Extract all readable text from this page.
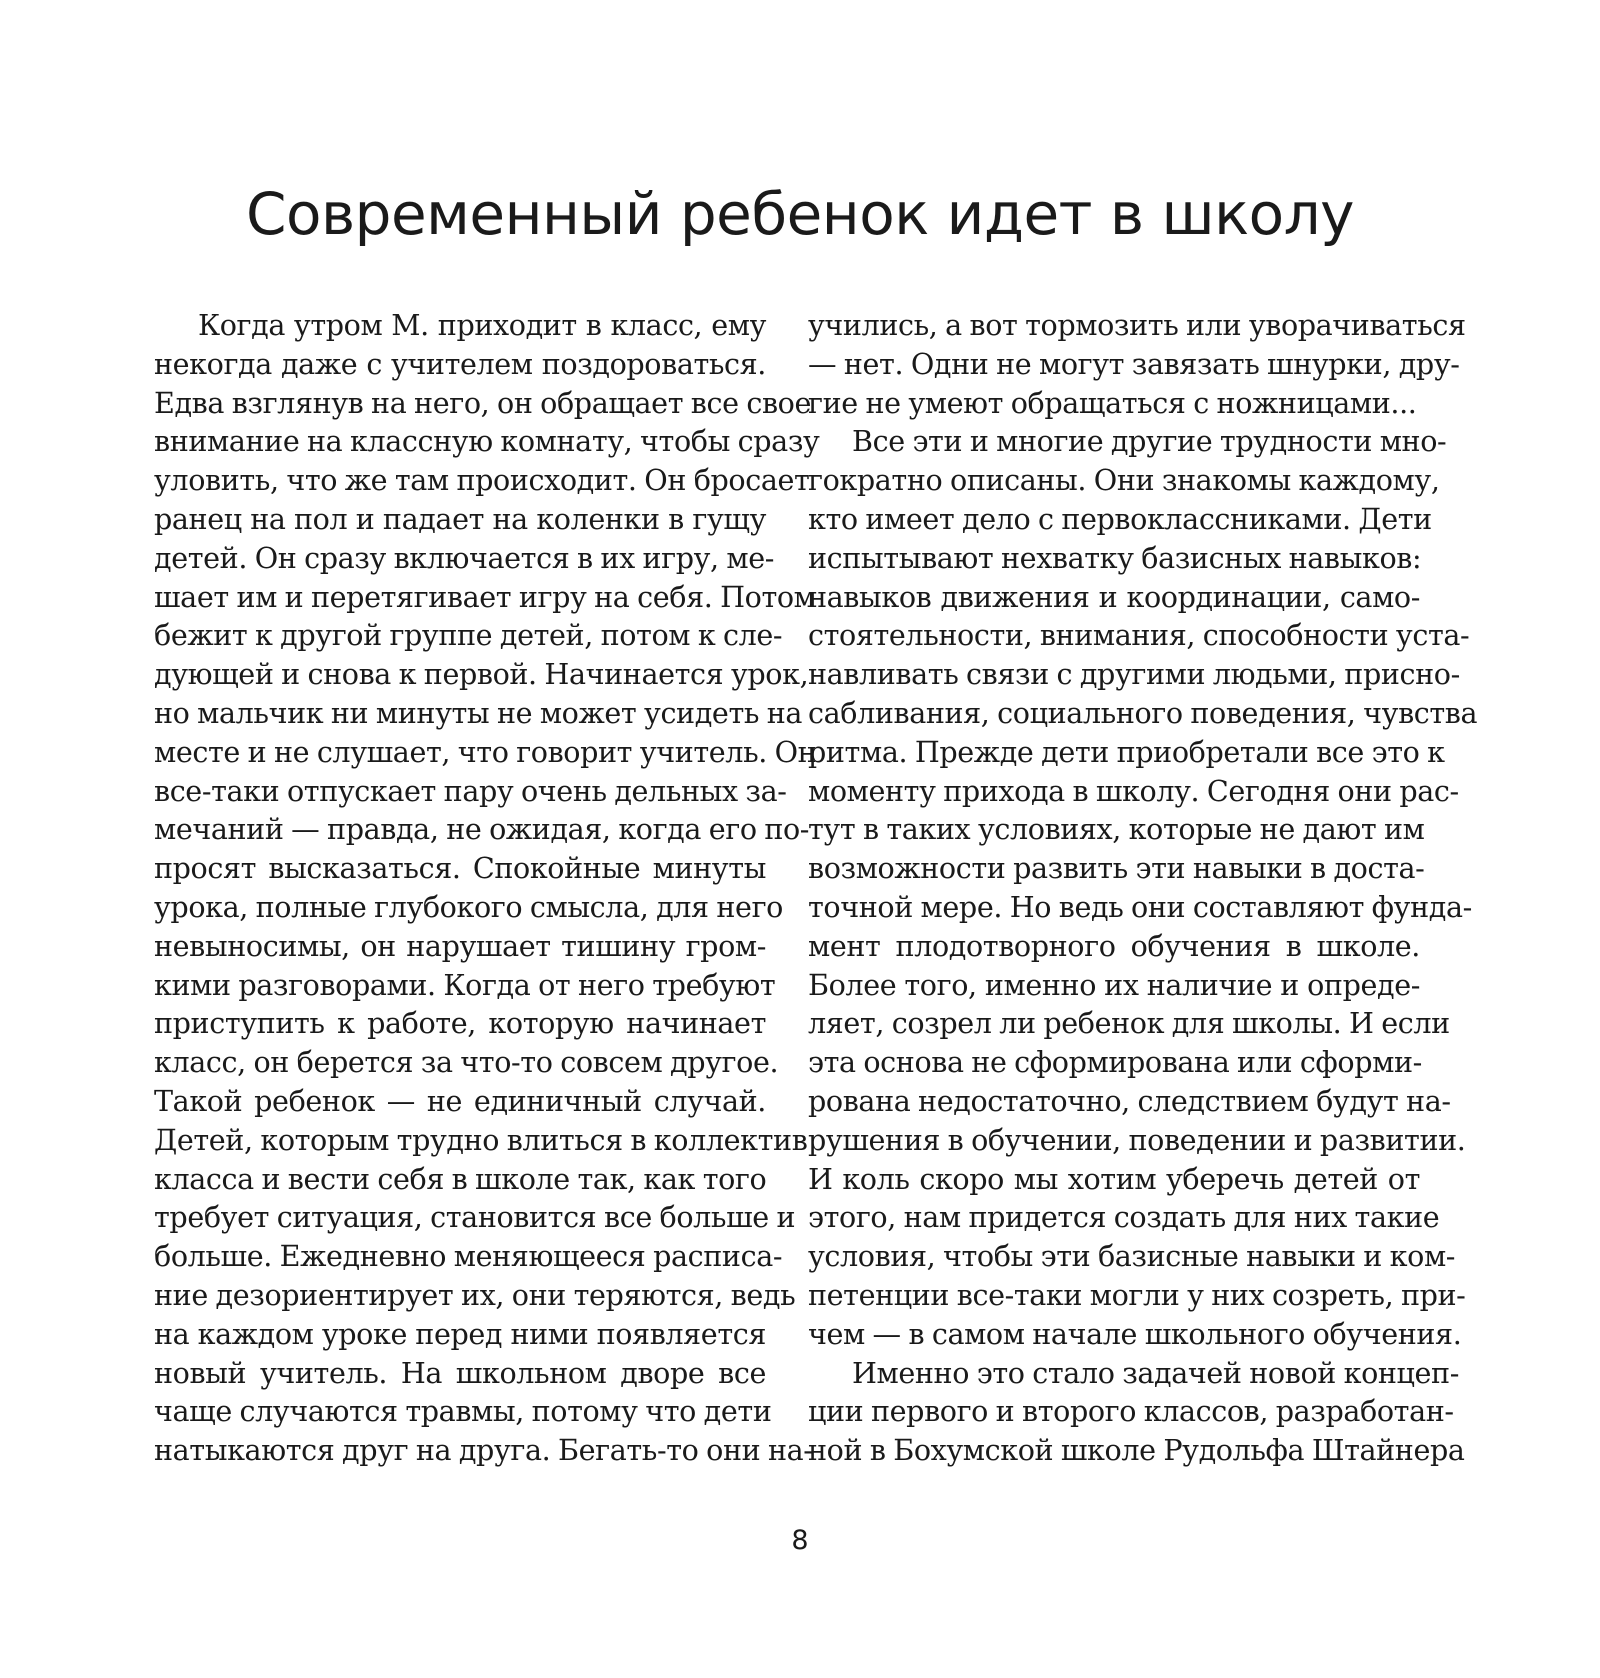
Современный ребенок идет в школу
Когда утром М. приходит в класс, ему
некогда даже с учителем поздороваться.
Едва взглянув на него, он обращает все свое
внимание на классную комнату, чтобы сразу
уловить, что же там происходит. Он бросает
ранец на пол и падает на коленки в гущу
детей. Он сразу включается в их игру, ме-
шает им и перетягивает игру на себя. Потом
бежит к другой группе детей, потом к сле-
дующей и снова к первой. Начинается урок,
но мальчик ни минуты не может усидеть на
месте и не слушает, что говорит учитель. Он
все-таки отпускает пару очень дельных за-
мечаний — правда, не ожидая, когда его по-
просят высказаться. Спокойные минуты
урока, полные глубокого смысла, для него
невыносимы, он нарушает тишину гром-
кими разговорами. Когда от него требуют
приступить к работе, которую начинает
класс, он берется за что-то совсем другое.
Такой ребенок — не единичный случай.
Детей, которым трудно влиться в коллектив
класса и вести себя в школе так, как того
требует ситуация, становится все больше и
больше. Ежедневно меняющееся расписа-
ние дезориентирует их, они теряются, ведь
на каждом уроке перед ними появляется
новый учитель. На школьном дворе все
чаще случаются травмы, потому что дети
натыкаются друг на друга. Бегать-то они на-
учились, а вот тормозить или уворачиваться
— нет. Одни не могут завязать шнурки, дру-
гие не умеют обращаться с ножницами...
Все эти и многие другие трудности мно-
гократно описаны. Они знакомы каждому,
кто имеет дело с первоклассниками. Дети
испытывают нехватку базисных навыков:
навыков движения и координации, само-
стоятельности, внимания, способности уста-
навливать связи с другими людьми, присно-
сабливания, социального поведения, чувства
ритма. Прежде дети приобретали все это к
моменту прихода в школу. Сегодня они рас-
тут в таких условиях, которые не дают им
возможности развить эти навыки в доста-
точной мере. Но ведь они составляют фунда-
мент плодотворного обучения в школе.
Более того, именно их наличие и опреде-
ляет, созрел ли ребенок для школы. И если
эта основа не сформирована или сформи-
рована недостаточно, следствием будут на-
рушения в обучении, поведении и развитии.
И коль скоро мы хотим уберечь детей от
этого, нам придется создать для них такие
условия, чтобы эти базисные навыки и ком-
петенции все-таки могли у них созреть, при-
чем — в самом начале школьного обучения.
Именно это стало задачей новой концеп-
ции первого и второго классов, разработан-
ной в Бохумской школе Рудольфа Штайнера
8
